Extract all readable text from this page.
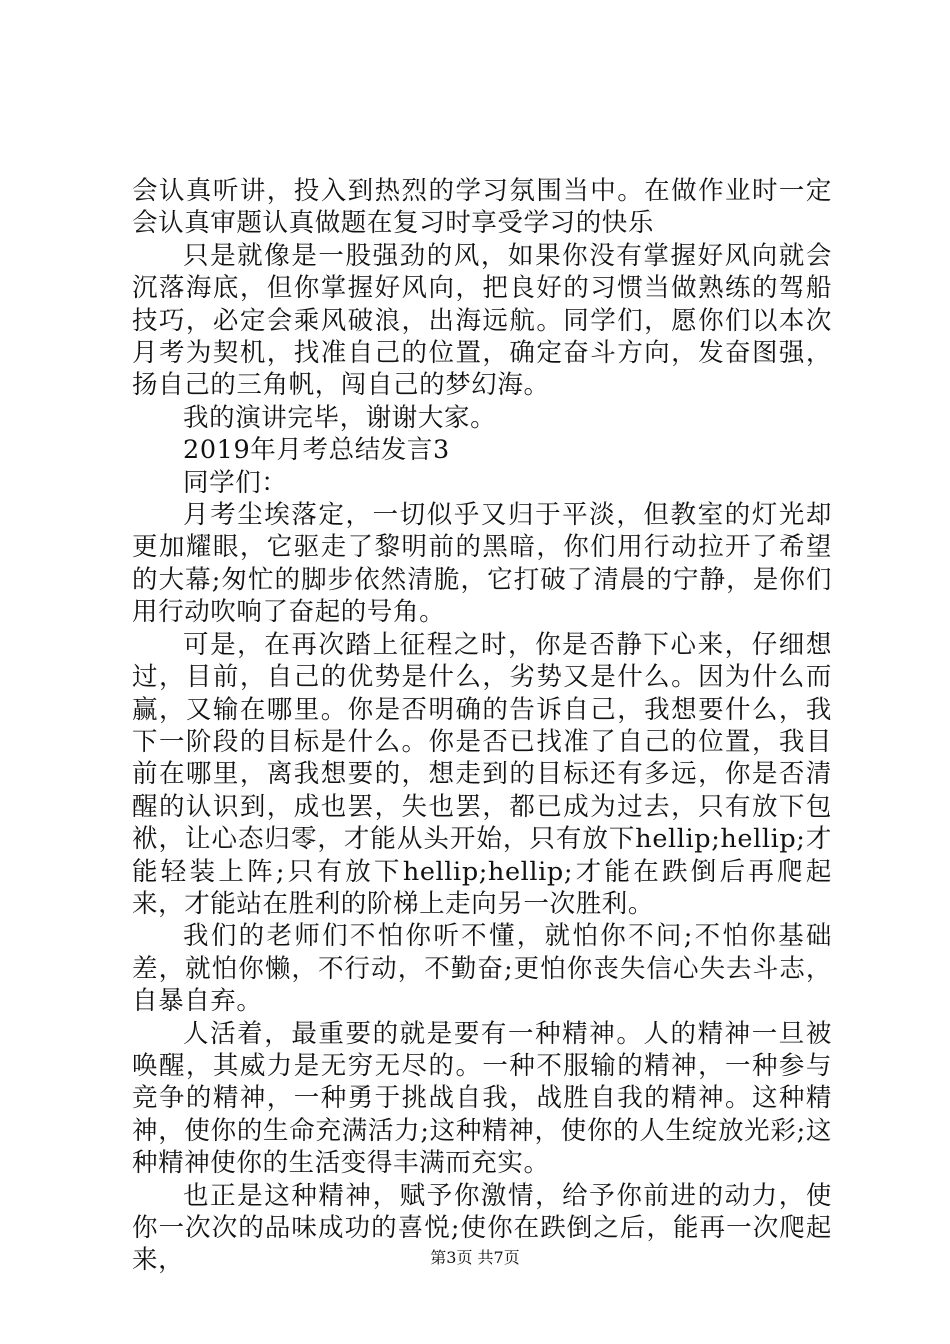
会认真听讲，投入到热烈的学习氛围当中。在做作业时一定会认真审题认真做题在复习时享受学习的快乐

只是就像是一股强劲的风，如果你没有掌握好风向就会沉落海底，但你掌握好风向，把良好的习惯当做熟练的驾船技巧，必定会乘风破浪，出海远航。同学们，愿你们以本次月考为契机，找准自己的位置，确定奋斗方向，发奋图强，扬自己的三角帆，闯自己的梦幻海。

我的演讲完毕，谢谢大家。

2019年月考总结发言3

同学们：

月考尘埃落定，一切似乎又归于平淡，但教室的灯光却更加耀眼，它驱走了黎明前的黑暗，你们用行动拉开了希望的大幕;匆忙的脚步依然清脆，它打破了清晨的宁静，是你们用行动吹响了奋起的号角。

可是，在再次踏上征程之时，你是否静下心来，仔细想过，目前，自己的优势是什么，劣势又是什么。因为什么而赢，又输在哪里。你是否明确的告诉自己，我想要什么，我下一阶段的目标是什么。你是否已找准了自己的位置，我目前在哪里，离我想要的，想走到的目标还有多远，你是否清醒的认识到，成也罢，失也罢，都已成为过去，只有放下包袱，让心态归零，才能从头开始，只有放下hellip;hellip;才能轻装上阵;只有放下hellip;hellip;才能在跌倒后再爬起来，才能站在胜利的阶梯上走向另一次胜利。

我们的老师们不怕你听不懂，就怕你不问;不怕你基础差，就怕你懒，不行动，不勤奋;更怕你丧失信心失去斗志，自暴自弃。

人活着，最重要的就是要有一种精神。人的精神一旦被唤醒，其威力是无穷无尽的。一种不服输的精神，一种参与竞争的精神，一种勇于挑战自我，战胜自我的精神。这种精神，使你的生命充满活力;这种精神，使你的人生绽放光彩;这种精神使你的生活变得丰满而充实。

也正是这种精神，赋予你激情，给予你前进的动力，使你一次次的品味成功的喜悦;使你在跌倒之后，能再一次爬起来，	第3页 共7页
